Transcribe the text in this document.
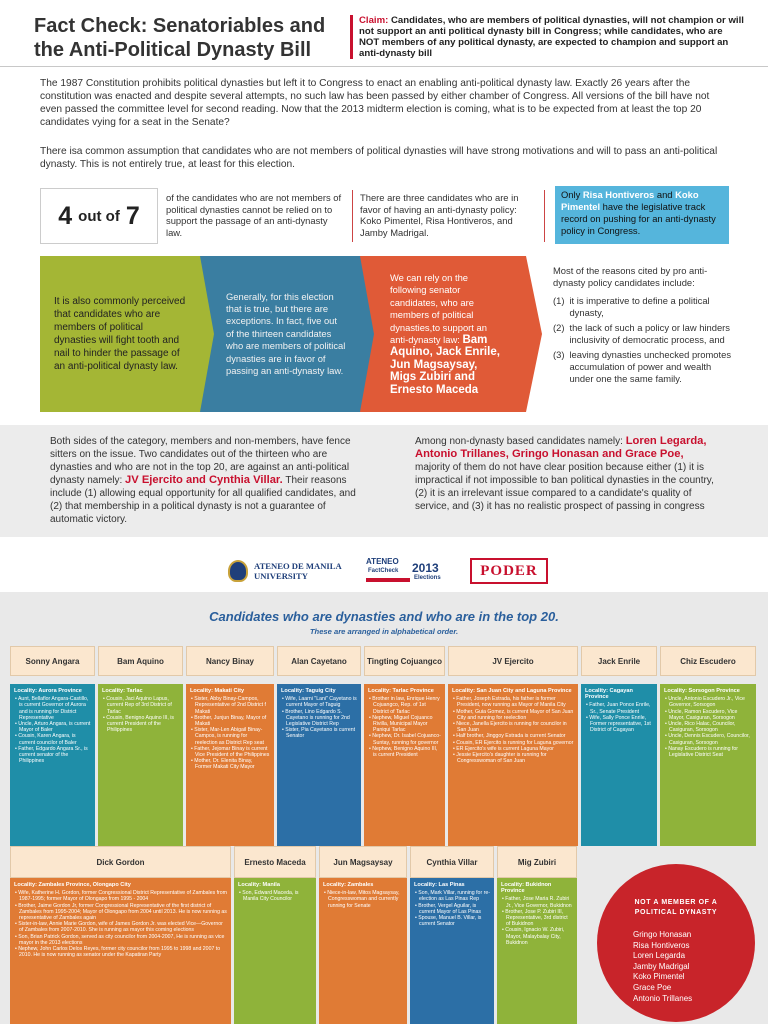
Fact Check: Senatoriables and the Anti-Political Dynasty Bill
Claim: Candidates, who are members of political dynasties, will not champion or will not support an anti political dynasty bill in Congress; while candidates, who are NOT members of any political dynasty, are expected to champion and support an anti-dynasty bill

The 1987 Constitution prohibits political dynasties but left it to Congress to enact an enabling anti-political dynasty law. Exactly 26 years after the constitution was enacted and despite several attempts, no such law has been passed by either chamber of Congress. All versions of the bill have not even passed the committee level for second reading. Now that the 2013 midterm election is coming, what is to be expected from at least the top 20 candidates vying for a seat in the Senate?

There isa common assumption that candidates who are not members of political dynasties will have strong motivations and will to pass an anti-political dynasty. This is not entirely true, at least for this election.

4 out of 7
of the candidates who are not members of political dynasties cannot be relied on to support the passage of an anti-dynasty law.
There are three candidates who are in favor of having an anti-dynasty policy: Koko Pimentel, Risa Hontiveros, and Jamby Madrigal.
Only Risa Hontiveros and Koko Pimentel have the legislative track record on pushing for an anti-dynasty policy in Congress.
It is also commonly perceived that candidates who are members of political dynasties will fight tooth and nail to hinder the passage of an anti-political dynasty law.
Generally, for this election that is true, but there are exceptions. In fact, five out of the thirteen candidates who are members of political dynasties are in favor of passing an anti-dynasty law.
We can rely on the following senator candidates, who are members of political dynasties,to support an anti-dynasty law: Bam Aquino, Jack Enrile, Jun Magsaysay, Migs Zubiri and Ernesto Maceda
Most of the reasons cited by pro anti-dynasty policy candidates include:
(1) it is imperative to define a political dynasty,
(2) the lack of such a policy or law hinders inclusivity of democratic process, and
(3) leaving dynasties unchecked promotes accumulation of power and wealth under one the same family.
Both sides of the category, members and non-members, have fence sitters on the issue. Two candidates out of the thirteen who are dynasties and who are not in the top 20, are against an anti-political dynasty namely: JV Ejercito and Cynthia Villar. Their reasons include (1) allowing equal opportunity for all qualified candidates, and (2) that membership in a political dynasty is not a guarantee of automatic victory.
Among non-dynasty based candidates namely: Loren Legarda, Antonio Trillanes, Gringo Honasan and Grace Poe, majority of them do not have clear position because either (1) it is impractical if not impossible to ban political dynasties in the country,(2) it is an irrelevant issue compared to a candidate's quality of service, and (3) it has no realistic prospect of passing in congress
ATENEO DE MANILA
UNIVERSITY
ATENEO
FactCheck 2013
Elections	PODER
Candidates who are dynasties and who are in the top 20.
These are arranged in alphabetical order.
Sonny Angara
Locality: Aurora Province
• Aunt, Bellaflor Angara-Castillo, is current Governor of Aurora and is running for District Representative
• Uncle, Arturo Angara, is current Mayor of Baler
• Cousin, Karen Angara, is current councilor of Baler
• Father, Edgardo Angara Sr., is current senator of the Philippines
Bam Aquino
Locality: Tarlac
• Cousin, Jaci Aquino Lapus, current Rep of 3rd District of Tarlac
• Cousin, Benigno Aquino III, is current President of the Philippines
Nancy Binay
Locality: Makati City
• Sister, Abby Binay-Campos, Representative of 2nd District f Makati
• Brother, Junjun Binay, Mayor of Makati
• Sister, Mar-Len Abigail Binay-Campos, is running for reelection as District Rep seat
• Father, Jejomar Binay is current Vice President of the Philippines
• Mother, Dr. Elenita Binay, Former Makati City Mayor
Alan Cayetano
Locality: Taguig City
• Wife, Laarni "Lani" Cayetano is current Mayor of Taguig
• Brother, Lino Edgardo S. Cayetano is running for 2nd Legislative District Rep
• Sister, Pia Cayetano is current Senator
Tingting Cojuangco
Locality: Tarlac Province
• Brother in law, Enrique Henry Cojuangco, Rep. of 1st District of Tarlac
• Nephew, Miguel Cojuanco Rivilla, Municipal Mayor Paniqui Tarlac
• Nephew, Dr. Isabel Cojuanco-Suntay, running for governor
• Nephew, Benigno Aquino III, is current President
JV Ejercito
Locality: San Juan City and Laguna Province
• Father, Joseph Estrada, his father is former President, now running as Mayor of Manila City
• Mother, Guia Gomez, is current Mayor of San Juan City and running for reelection
• Niece, Janella Ejercito is running for councilor in San Juan
• Half brother, Jinggoy Estrada is current Senator
• Cousin, ER Ejercito is running for Laguna governor
• ER Ejercito's wife is current Laguna Mayor
• Jessie Ejercito's daughter is running for Congresswoman of San Juan
Jack Enrile
Locality: Cagayan Province
• Father, Juan Ponce Enrile, Sr., Senate President
• Wife, Sally Ponce Enrile, Former representative, 1st District of Cagayan
Chiz Escudero
Locality: Sorsogon Province
• Uncle, Antonio Escudero Jr., Vice Governor, Sorsogon
• Uncle, Ramon Escudero, Vice Mayor, Casiguran, Sorsogon
• Uncle, Rico Halac, Councilor, Casiguran, Sorsogon
• Uncle, Dennis Escudero, Councilor, Casiguran, Sorsogon
• Nanay Escudero is running for Legislative District Seat
Dick Gordon
Locality: Zambales Province, Olongapo City
• Wife, Katherine H. Gordon, former Congressional District Representative of Zambales from 1987-1995; former Mayor of Olongapo from 1995 - 2004
• Brother, Jaime Gordon Jr, former Congressional Representative of the first district of Zambales from 1995-2004; Mayor of Olongapo from 2004 until 2013. He is now running as representative of Zambales again
• Sister-in-law, Annie Marie Gordon, wife of James Gordon Jr. was elected Vice—Governor of Zambales from 2007-2010. She is running as mayor this coming elections
• Son, Brian Patrick Gordon, served as city councilor from 2004-2007, He is running as vice mayor in the 2013 elections
• Nephew, John Carlos Delos Reyes, former city councilor from 1995 to 1998 and 2007 to 2010. He is now running as senator under the Kapatiran Party
Ernesto Maceda
Locality: Manila
• Son, Edward Maceda, is Manila City Councilor
Jun Magsaysay
Locality: Zambales
• Niece-in-law, Mitos Magsaysay, Congresswoman and currently running for Senate
Cynthia Villar
Locality: Las Pinas
• Son, Mark Villar, running for re-election as Las Pinas Rep
• Brother, Vergel Aguilar, is current Mayor of Las Pinas
• Spouse, Manuel B. Villar, is current Senator
Mig Zubiri
Locality: Bukidnon Province
• Father, Jose Maria R. Zubiri Jr., Vice Governor, Bukidnon
• Brother, Jose P. Zubiri III, Representative, 3rd district of Bukidnon
• Cousin, Ignacio W. Zubiri, Mayor, Malaybalay City, Bukidnon
NOT A MEMBER OF A POLITICAL DYNASTY
Gringo Honasan
Risa Hontiveros
Loren Legarda
Jamby Madrigal
Koko Pimentel
Grace Poe
Antonio Trillanes
